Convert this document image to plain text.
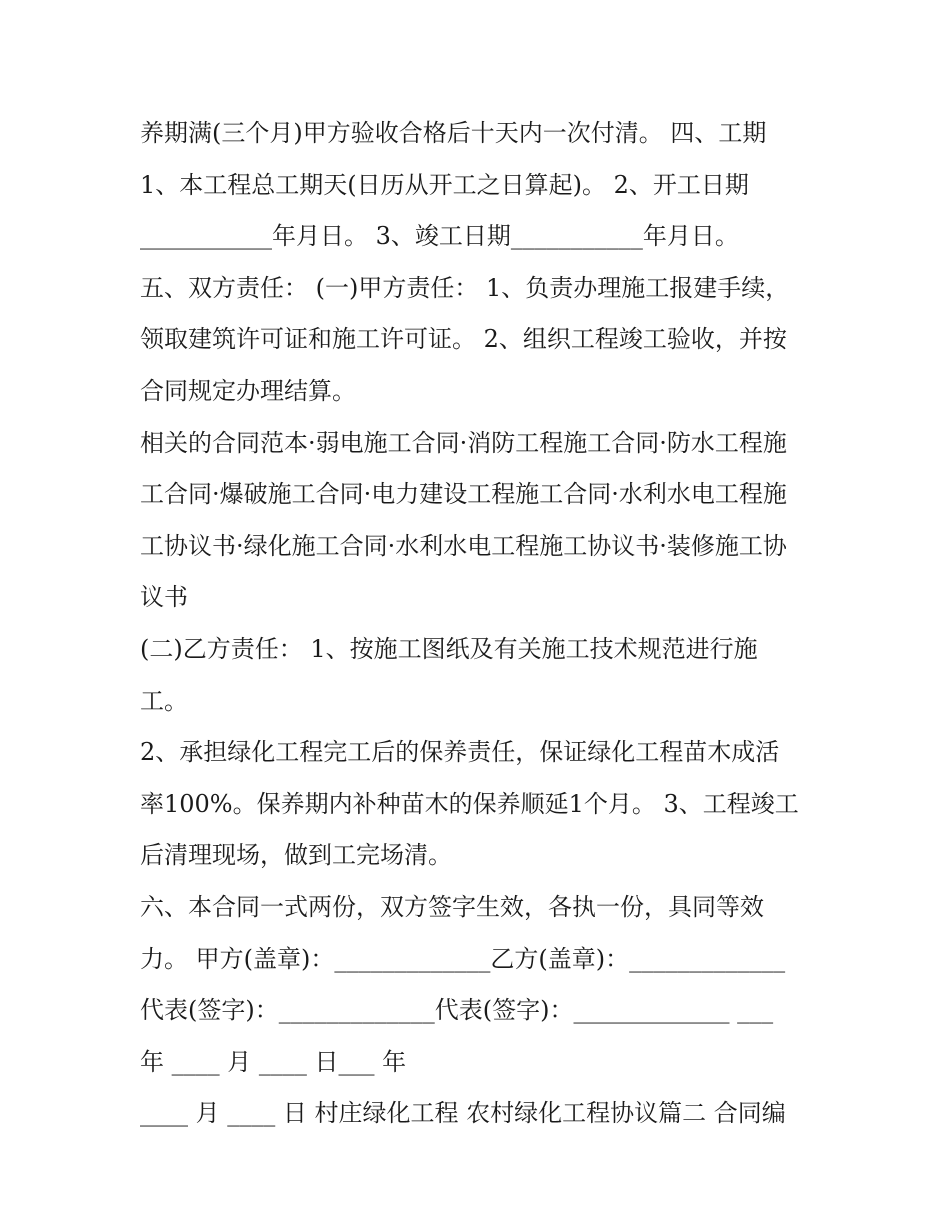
养期满(三个月)甲方验收合格后十天内一次付清。 四、工期
1、本工程总工期天(日历从开工之日算起)。 2、开工日期
___________年月日。 3、竣工日期___________年月日。
五、双方责任： (一)甲方责任： 1、负责办理施工报建手续，
领取建筑许可证和施工许可证。 2、组织工程竣工验收，并按
合同规定办理结算。
相关的合同范本·弱电施工合同·消防工程施工合同·防水工程施
工合同·爆破施工合同·电力建设工程施工合同·水利水电工程施
工协议书·绿化施工合同·水利水电工程施工协议书·装修施工协
议书
(二)乙方责任： 1、按施工图纸及有关施工技术规范进行施
工。
2、承担绿化工程完工后的保养责任，保证绿化工程苗木成活
率100%。保养期内补种苗木的保养顺延1个月。 3、工程竣工
后清理现场，做到工完场清。
六、本合同一式两份，双方签字生效，各执一份，具同等效
力。 甲方(盖章)：_____________乙方(盖章)：_____________
代表(签字)：_____________代表(签字)：_____________ ___
年 ____ 月 ____ 日___ 年
____ 月 ____ 日 村庄绿化工程 农村绿化工程协议篇二 合同编
